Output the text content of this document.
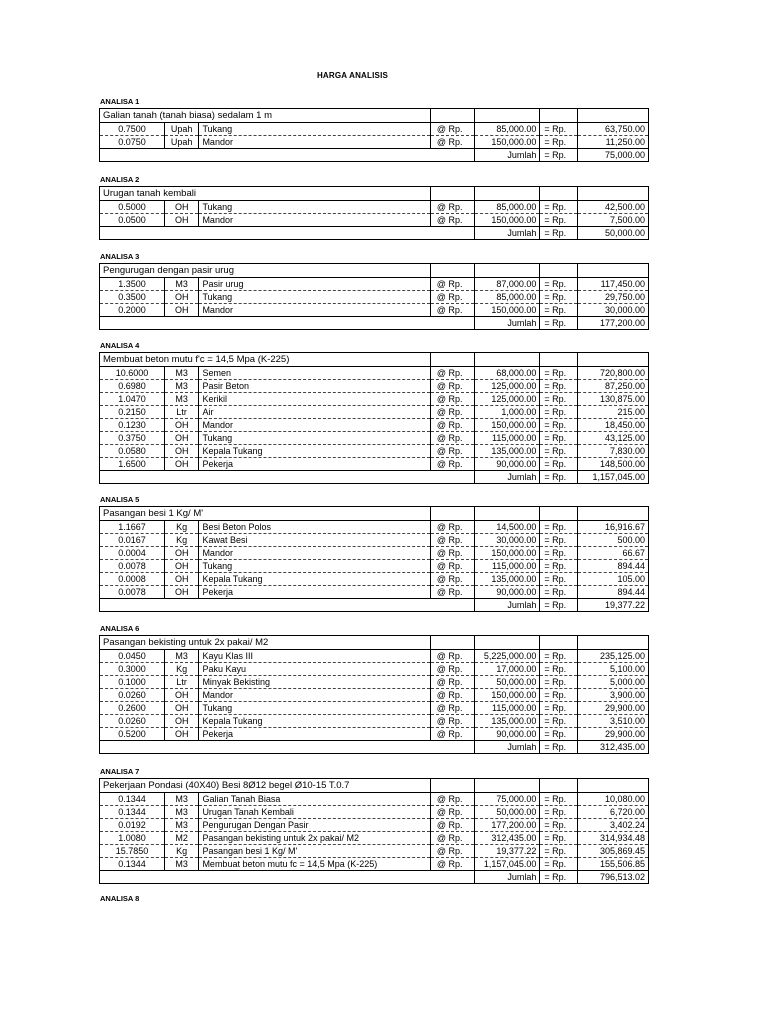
HARGA ANALISIS
ANALISA 1
Galian tanah (tanah biasa) sedalam 1 m						
0.7500	Upah	Tukang	@ Rp.	85,000.00	= Rp.	63,750.00
0.0750	Upah	Mandor	@ Rp.	150,000.00	= Rp.	11,250.00
				Jumlah	= Rp.	75,000.00
ANALISA 2
Urugan tanah kembali						
0.5000	OH	Tukang	@ Rp.	85,000.00	= Rp.	42,500.00
0.0500	OH	Mandor	@ Rp.	150,000.00	= Rp.	7,500.00
				Jumlah	= Rp.	50,000.00
ANALISA 3
Pengurugan dengan pasir urug						
1.3500	M3	Pasir urug	@ Rp.	87,000.00	= Rp.	117,450.00
0.3500	OH	Tukang	@ Rp.	85,000.00	= Rp.	29,750.00
0.2000	OH	Mandor	@ Rp.	150,000.00	= Rp.	30,000.00
				Jumlah	= Rp.	177,200.00
ANALISA 4
Membuat beton mutu f'c = 14,5 Mpa (K-225)						
10.6000	M3	Semen	@ Rp.	68,000.00	= Rp.	720,800.00
0.6980	M3	Pasir Beton	@ Rp.	125,000.00	= Rp.	87,250.00
1.0470	M3	Kerikil	@ Rp.	125,000.00	= Rp.	130,875.00
0.2150	Ltr	Air	@ Rp.	1,000.00	= Rp.	215.00
0.1230	OH	Mandor	@ Rp.	150,000.00	= Rp.	18,450.00
0.3750	OH	Tukang	@ Rp.	115,000.00	= Rp.	43,125.00
0.0580	OH	Kepala Tukang	@ Rp.	135,000.00	= Rp.	7,830.00
1.6500	OH	Pekerja	@ Rp.	90,000.00	= Rp.	148,500.00
				Jumlah	= Rp.	1,157,045.00
ANALISA 5
Pasangan besi 1 Kg/ M'						
1.1667	Kg	Besi Beton Polos	@ Rp.	14,500.00	= Rp.	16,916.67
0.0167	Kg	Kawat Besi	@ Rp.	30,000.00	= Rp.	500.00
0.0004	OH	Mandor	@ Rp.	150,000.00	= Rp.	66.67
0.0078	OH	Tukang	@ Rp.	115,000.00	= Rp.	894.44
0.0008	OH	Kepala Tukang	@ Rp.	135,000.00	= Rp.	105.00
0.0078	OH	Pekerja	@ Rp.	90,000.00	= Rp.	894.44
				Jumlah	= Rp.	19,377.22
ANALISA 6
Pasangan bekisting untuk 2x pakai/ M2						
0.0450	M3	Kayu Klas III	@ Rp.	5,225,000.00	= Rp.	235,125.00
0.3000	Kg	Paku Kayu	@ Rp.	17,000.00	= Rp.	5,100.00
0.1000	Ltr	Minyak Bekisting	@ Rp.	50,000.00	= Rp.	5,000.00
0.0260	OH	Mandor	@ Rp.	150,000.00	= Rp.	3,900.00
0.2600	OH	Tukang	@ Rp.	115,000.00	= Rp.	29,900.00
0.0260	OH	Kepala Tukang	@ Rp.	135,000.00	= Rp.	3,510.00
0.5200	OH	Pekerja	@ Rp.	90,000.00	= Rp.	29,900.00
				Jumlah	= Rp.	312,435.00
ANALISA 7
Pekerjaan Pondasi (40X40) Besi 8Ø12 begel Ø10-15 T.0.7						
0.1344	M3	Galian Tanah Biasa	@ Rp.	75,000.00	= Rp.	10,080.00
0.1344	M3	Urugan Tanah Kembali	@ Rp.	50,000.00	= Rp.	6,720.00
0.0192	M3	Pengurugan Dengan Pasir	@ Rp.	177,200.00	= Rp.	3,402.24
1.0080	M2	Pasangan bekisting untuk 2x pakai/ M2	@ Rp.	312,435.00	= Rp.	314,934.48
15.7850	Kg	Pasangan besi 1 Kg/ M'	@ Rp.	19,377.22	= Rp.	305,869.45
0.1344	M3	Membuat beton mutu fc = 14,5 Mpa (K-225)	@ Rp.	1,157,045.00	= Rp.	155,506.85
				Jumlah	= Rp.	796,513.02
ANALISA 8
